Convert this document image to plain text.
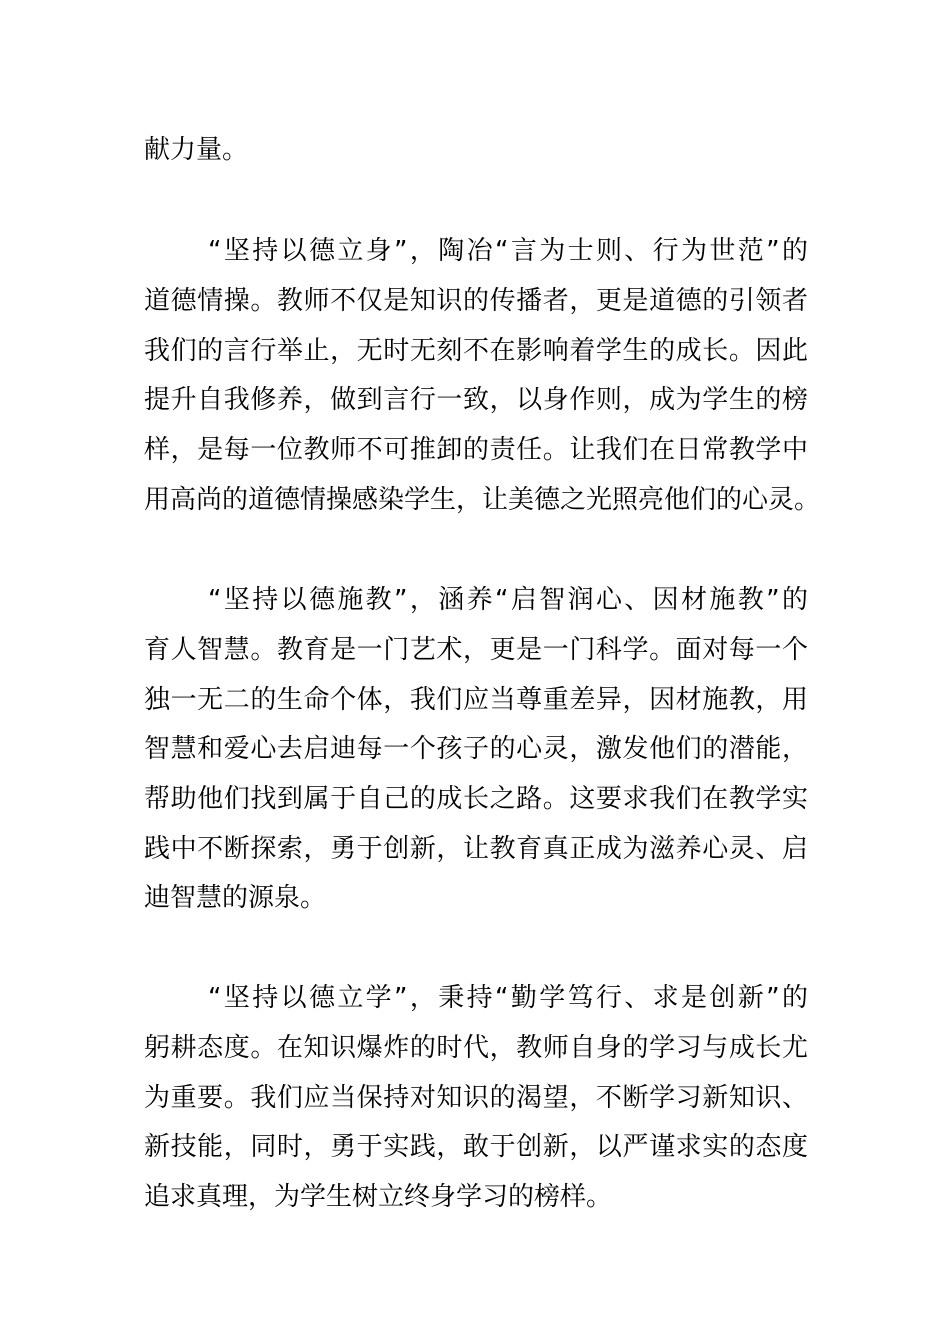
献力量。
“坚持以德立身”，陶冶“言为士则、行为世范”的
道德情操。教师不仅是知识的传播者，更是道德的引领者
我们的言行举止，无时无刻不在影响着学生的成长。因此
提升自我修养，做到言行一致，以身作则，成为学生的榜
样，是每一位教师不可推卸的责任。让我们在日常教学中
用高尚的道德情操感染学生，让美德之光照亮他们的心灵。
“坚持以德施教”，涵养“启智润心、因材施教”的
育人智慧。教育是一门艺术，更是一门科学。面对每一个
独一无二的生命个体，我们应当尊重差异，因材施教，用
智慧和爱心去启迪每一个孩子的心灵，激发他们的潜能，
帮助他们找到属于自己的成长之路。这要求我们在教学实
践中不断探索，勇于创新，让教育真正成为滋养心灵、启
迪智慧的源泉。
“坚持以德立学”，秉持“勤学笃行、求是创新”的
躬耕态度。在知识爆炸的时代，教师自身的学习与成长尤
为重要。我们应当保持对知识的渴望，不断学习新知识、
新技能，同时，勇于实践，敢于创新，以严谨求实的态度
追求真理，为学生树立终身学习的榜样。
